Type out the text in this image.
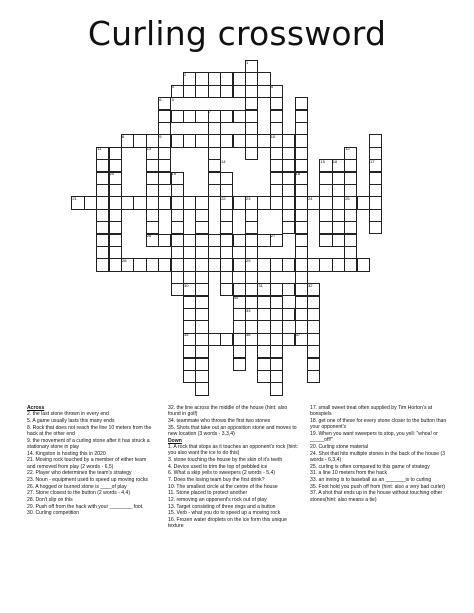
Curling crossword
1
2
3	4
5
6
7
8	9	10
11	12
13
14	15 16	17
18
19
20
21	22	23	24	25
26	27
28	29
30	31	32
33
34
35	36	37
Across
2. the last stone thrown in every end
5. A game usually lasts this many ends
8. Rock that does not reach the line 10 meters from the hack at the other end
9. the movement of a curling stone after it has struck a stationary stone in play
14. Kingston is hosting this in 2020
21. Moving rock touched by a member of either team and removed from play (2 words - 6,5)
22. Player who determines the team's strategy
23. Noun - equipment used to speed up moving rocks
26. A hogged or burned stone is ____of play
27. Stone closest to the button (2 words - 4,4)
28. Don't slip on this
29. Push off from the hack with your ________ foot.
30. Curling competition
32. the line across the middle of the house (hint: also found in golf)
34. teammate who throws the first two stones
35. Shots that take out an opposition stone and moves to new location (3 words - 3,3,4)
Down
1. A rock that stops as it touches an opponent's rock (hint: you also want the ice to do this)
3. stone touching the house by the skin of it's teeth
4. Device used to trim the top of pebbled ice
6. What a skip yells to sweepers (2 words - 5,4)
7. Does the losing team buy the first drink?
10. The smallest circle at the centre of the house
11. Stone placed to protect another
12. removing an opponent's rock out of play
13. Target consisting of three rings and a button
15. Verb - what you do to speed up a moving rock
16. Frozen water droplets on the ice form this unique texture
17. small sweet treat often supplied by Tim Horton's at bonspiels
18. get one of these for every stone closer to the button than your opponent's
19. When you want sweepers to stop, you yell: "whoa! or _____off!"
20. Curling stone material
24. Shot that hits multiple stones in the back of the house (3 words - 6,3,4)
25. curling is often compared to this game of strategy
31. a line 10 meters from the hack
33. an inning is to baseball as an _______is to curling
35. Foot hold you push off from (hint: also a very bad curler)
37. A shot that ends up in the house without touching other stones(hint: also means a tie)
